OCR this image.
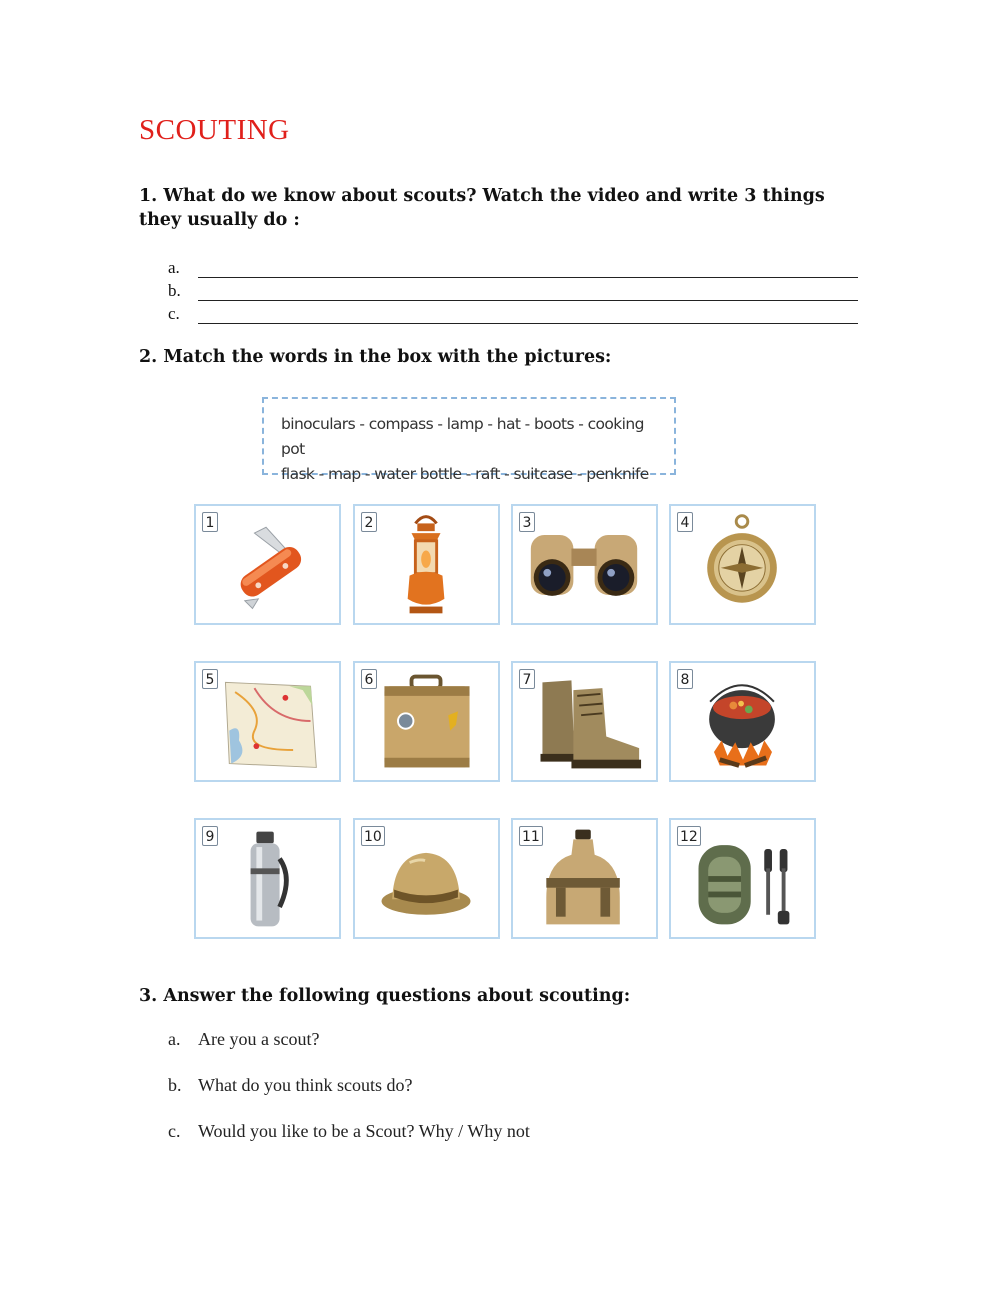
SCOUTING
1. What do we know about scouts? Watch the video and write 3 things they usually do :
a.
b.
c.
2. Match the words in the box with the pictures:
binoculars - compass - lamp - hat - boots - cooking pot
flask - map - water bottle - raft - suitcase - penknife
1	2	3	4
5	6	7	8
9	10	11	12
3. Answer the following questions about scouting:
a. Are you a scout?
b. What do you think scouts do?
c. Would you like to be a Scout? Why / Why not
